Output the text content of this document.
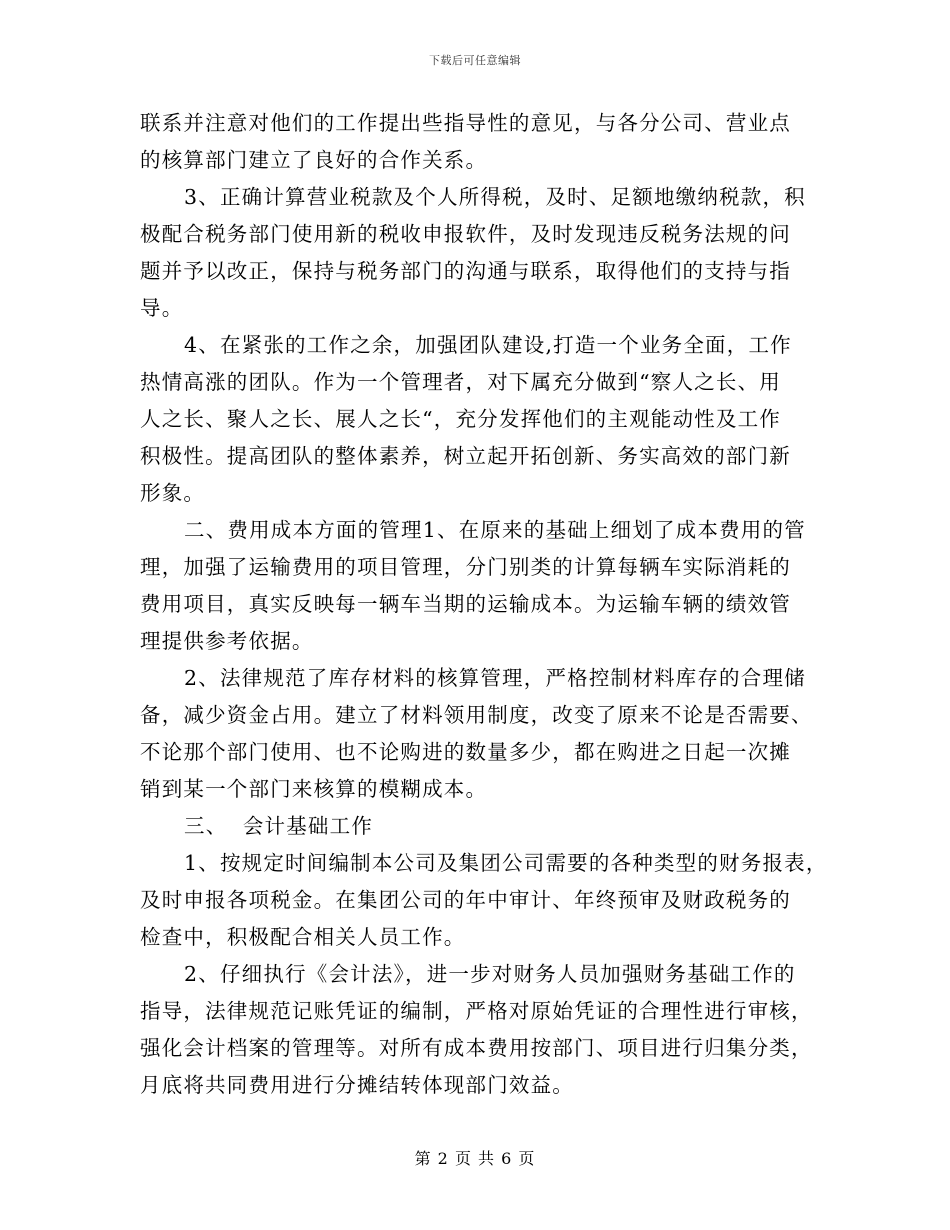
下载后可任意编辑
联系并注意对他们的工作提出些指导性的意见，与各分公司、营业点
的核算部门建立了良好的合作关系。
3、正确计算营业税款及个人所得税，及时、足额地缴纳税款，积
极配合税务部门使用新的税收申报软件，及时发现违反税务法规的问
题并予以改正，保持与税务部门的沟通与联系，取得他们的支持与指
导。
4、在紧张的工作之余，加强团队建设,打造一个业务全面，工作
热情高涨的团队。作为一个管理者，对下属充分做到“察人之长、用
人之长、聚人之长、展人之长“，充分发挥他们的主观能动性及工作
积极性。提高团队的整体素养，树立起开拓创新、务实高效的部门新
形象。
二、费用成本方面的管理1、在原来的基础上细划了成本费用的管
理，加强了运输费用的项目管理，分门别类的计算每辆车实际消耗的
费用项目，真实反映每一辆车当期的运输成本。为运输车辆的绩效管
理提供参考依据。
2、法律规范了库存材料的核算管理，严格控制材料库存的合理储
备，减少资金占用。建立了材料领用制度，改变了原来不论是否需要、
不论那个部门使用、也不论购进的数量多少，都在购进之日起一次摊
销到某一个部门来核算的模糊成本。
三、  会计基础工作
1、按规定时间编制本公司及集团公司需要的各种类型的财务报表，
及时申报各项税金。在集团公司的年中审计、年终预审及财政税务的
检查中，积极配合相关人员工作。
2、仔细执行《会计法》，进一步对财务人员加强财务基础工作的
指导，法律规范记账凭证的编制，严格对原始凭证的合理性进行审核，
强化会计档案的管理等。对所有成本费用按部门、项目进行归集分类，
月底将共同费用进行分摊结转体现部门效益。
第 2 页 共 6 页
